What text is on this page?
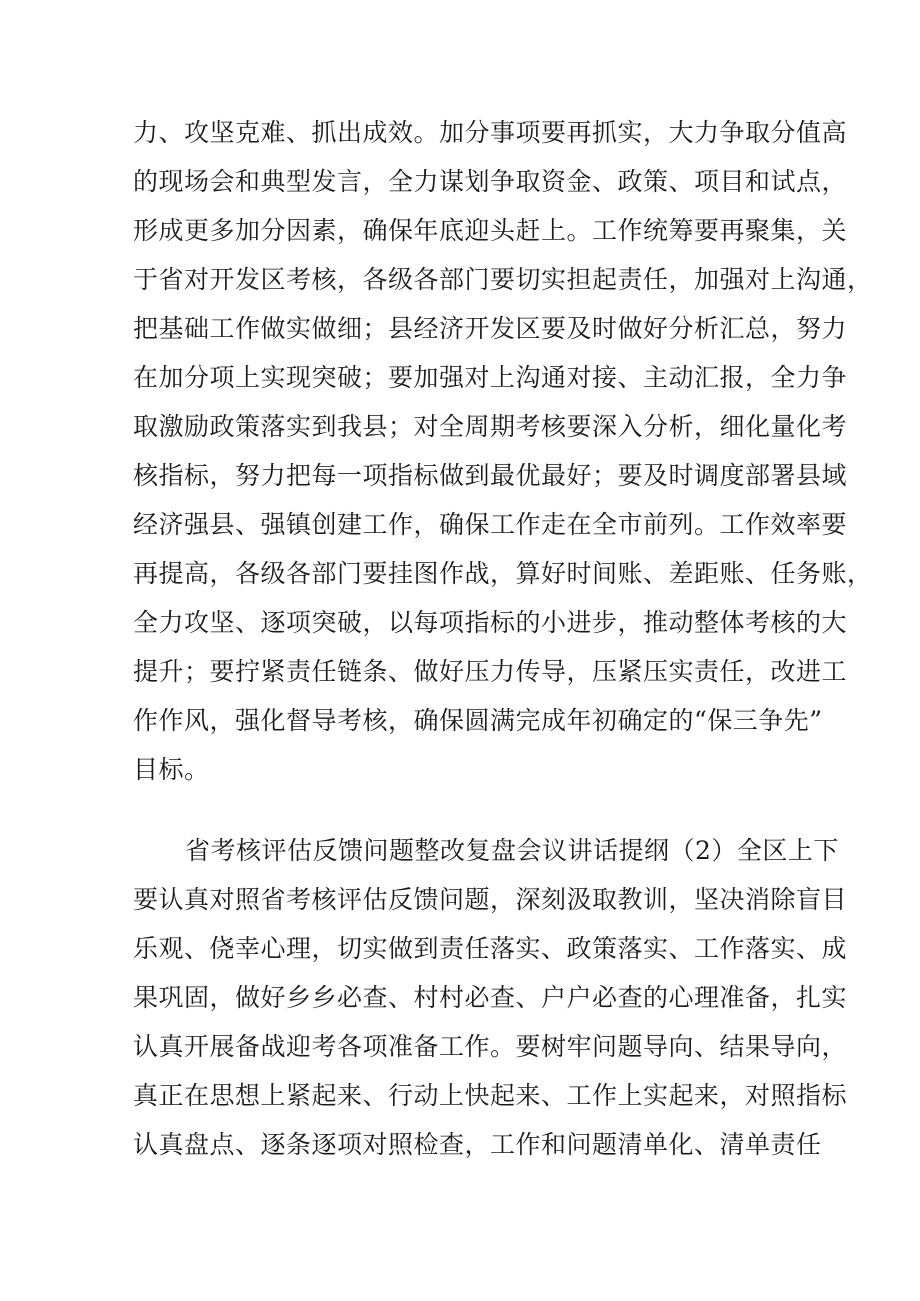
力、攻坚克难、抓出成效。加分事项要再抓实，大力争取分值高
的现场会和典型发言，全力谋划争取资金、政策、项目和试点，
形成更多加分因素，确保年底迎头赶上。工作统筹要再聚集，关
于省对开发区考核，各级各部门要切实担起责任，加强对上沟通，
把基础工作做实做细；县经济开发区要及时做好分析汇总，努力
在加分项上实现突破；要加强对上沟通对接、主动汇报，全力争
取激励政策落实到我县；对全周期考核要深入分析，细化量化考
核指标，努力把每一项指标做到最优最好；要及时调度部署县域
经济强县、强镇创建工作，确保工作走在全市前列。工作效率要
再提高，各级各部门要挂图作战，算好时间账、差距账、任务账，
全力攻坚、逐项突破，以每项指标的小进步，推动整体考核的大
提升；要拧紧责任链条、做好压力传导，压紧压实责任，改进工
作作风，强化督导考核，确保圆满完成年初确定的“保三争先”
目标。
省考核评估反馈问题整改复盘会议讲话提纲（2）全区上下
要认真对照省考核评估反馈问题，深刻汲取教训，坚决消除盲目
乐观、侥幸心理，切实做到责任落实、政策落实、工作落实、成
果巩固，做好乡乡必查、村村必查、户户必查的心理准备，扎实
认真开展备战迎考各项准备工作。要树牢问题导向、结果导向，
真正在思想上紧起来、行动上快起来、工作上实起来，对照指标
认真盘点、逐条逐项对照检查，工作和问题清单化、清单责任
